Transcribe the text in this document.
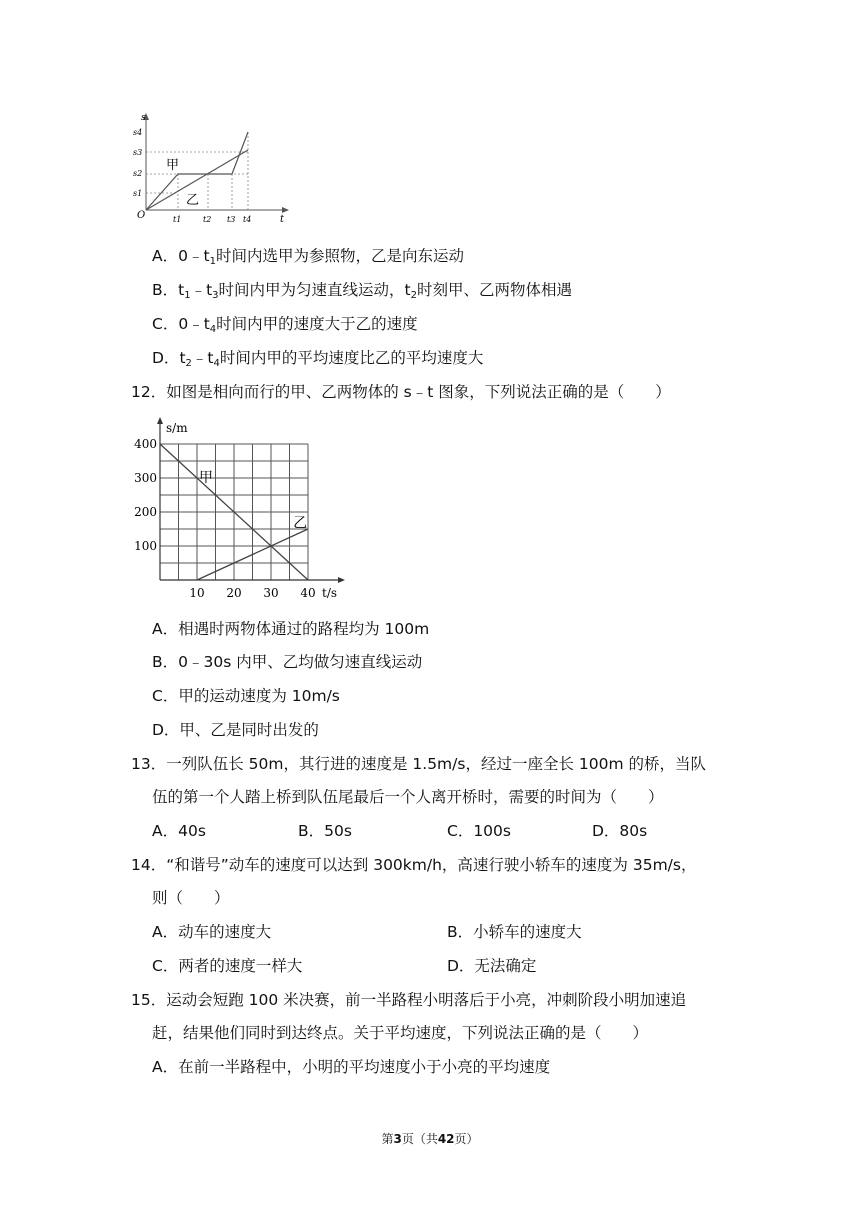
s
t
O
s4
s3
s2
s1
t1	t2 t3 t4
甲
乙
A．$0﹣t_1$时间内选甲为参照物，乙是向东运动
B．$t_1﹣t_3$时间内甲为匀速直线运动，$t_2$时刻甲、乙两物体相遇
C．$0﹣t_4$时间内甲的速度大于乙的速度
D．$t_2﹣t_4$时间内甲的平均速度比乙的平均速度大
12．如图是相向而行的甲、乙两物体的 s﹣t 图象，下列说法正确的是（　　）
甲
乙
400
300
200
100
10 20 30 40
s/m
t/s
A．相遇时两物体通过的路程均为 100m
B．0﹣30s 内甲、乙均做匀速直线运动
C．甲的运动速度为 10m/s
D．甲、乙是同时出发的
13．一列队伍长 50m，其行进的速度是 1.5m/s，经过一座全长 100m 的桥，当队
伍的第一个人踏上桥到队伍尾最后一个人离开桥时，需要的时间为（　　）
A．40s	B．50s	C．100s	D．80s
14．“和谐号”动车的速度可以达到 300km/h，高速行驶小轿车的速度为 35m/s，
则（　　）
A．动车的速度大	B．小轿车的速度大
C．两者的速度一样大	D．无法确定
15．运动会短跑 100 米决赛，前一半路程小明落后于小亮，冲刺阶段小明加速追
赶，结果他们同时到达终点。关于平均速度，下列说法正确的是（　　）
A．在前一半路程中，小明的平均速度小于小亮的平均速度
第3页（共42页）
